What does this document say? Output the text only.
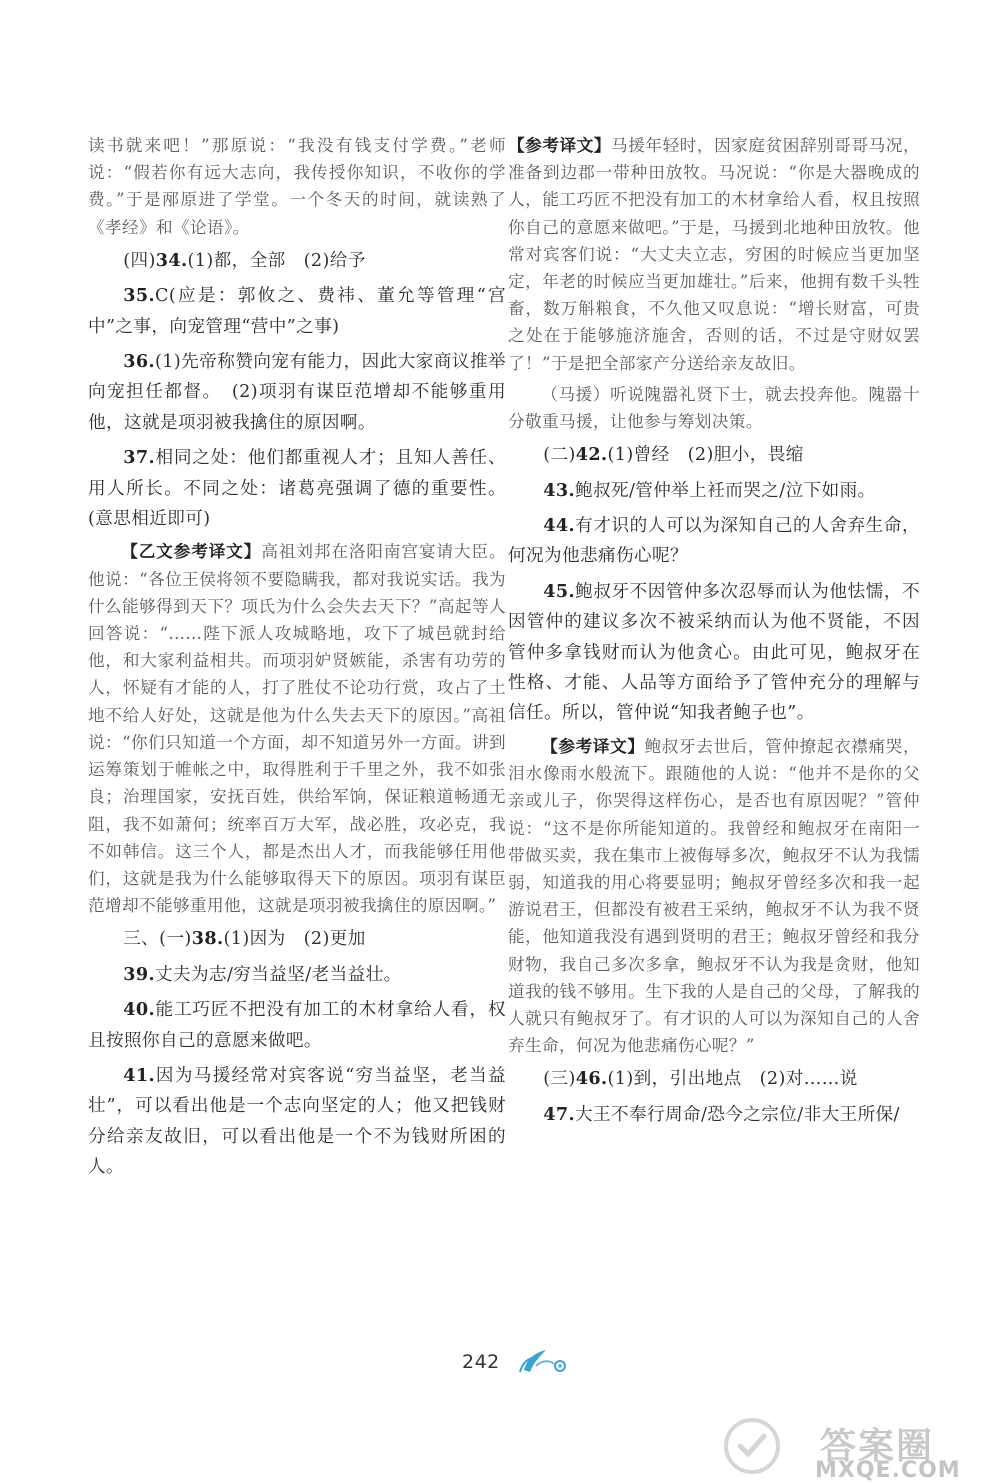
读书就来吧！”那原说：“我没有钱支付学费。”老师说：“假若你有远大志向，我传授你知识，不收你的学费。”于是邴原进了学堂。一个冬天的时间，就读熟了《孝经》和《论语》。

(四)34.(1)都，全部　(2)给予

35.C(应是：郭攸之、费祎、董允等管理“宫中”之事，向宠管理“营中”之事)

36.(1)先帝称赞向宠有能力，因此大家商议推举向宠担任都督。　(2)项羽有谋臣范增却不能够重用他，这就是项羽被我擒住的原因啊。

37.相同之处：他们都重视人才；且知人善任、用人所长。不同之处：诸葛亮强调了德的重要性。(意思相近即可)

【乙文参考译文】高祖刘邦在洛阳南宫宴请大臣。他说：“各位王侯将领不要隐瞒我，都对我说实话。我为什么能够得到天下？项氏为什么会失去天下？”高起等人回答说：“……陛下派人攻城略地，攻下了城邑就封给他，和大家利益相共。而项羽妒贤嫉能，杀害有功劳的人，怀疑有才能的人，打了胜仗不论功行赏，攻占了土地不给人好处，这就是他为什么失去天下的原因。”高祖说：“你们只知道一个方面，却不知道另外一方面。讲到运筹策划于帷帐之中，取得胜利于千里之外，我不如张良；治理国家，安抚百姓，供给军饷，保证粮道畅通无阻，我不如萧何；统率百万大军，战必胜，攻必克，我不如韩信。这三个人，都是杰出人才，而我能够任用他们，这就是我为什么能够取得天下的原因。项羽有谋臣范增却不能够重用他，这就是项羽被我擒住的原因啊。”

三、(一)38.(1)因为　(2)更加

39.丈夫为志/穷当益坚/老当益壮。

40.能工巧匠不把没有加工的木材拿给人看，权且按照你自己的意愿来做吧。

41.因为马援经常对宾客说“穷当益坚，老当益壮”，可以看出他是一个志向坚定的人；他又把钱财分给亲友故旧，可以看出他是一个不为钱财所困的人。

【参考译文】马援年轻时，因家庭贫困辞别哥哥马况，准备到边郡一带种田放牧。马况说：“你是大器晚成的人，能工巧匠不把没有加工的木材拿给人看，权且按照你自己的意愿来做吧。”于是，马援到北地种田放牧。他常对宾客们说：“大丈夫立志，穷困的时候应当更加坚定，年老的时候应当更加雄壮。”后来，他拥有数千头牲畜，数万斛粮食，不久他又叹息说：“增长财富，可贵之处在于能够施济施舍，否则的话，不过是守财奴罢了！”于是把全部家产分送给亲友故旧。

（马援）听说隗嚣礼贤下士，就去投奔他。隗嚣十分敬重马援，让他参与筹划决策。

(二)42.(1)曾经　(2)胆小，畏缩

43.鲍叔死/管仲举上衽而哭之/泣下如雨。

44.有才识的人可以为深知自己的人舍弃生命，何况为他悲痛伤心呢？

45.鲍叔牙不因管仲多次忍辱而认为他怯懦，不因管仲的建议多次不被采纳而认为他不贤能，不因管仲多拿钱财而认为他贪心。由此可见，鲍叔牙在性格、才能、人品等方面给予了管仲充分的理解与信任。所以，管仲说“知我者鲍子也”。

【参考译文】鲍叔牙去世后，管仲撩起衣襟痛哭，泪水像雨水般流下。跟随他的人说：“他并不是你的父亲或儿子，你哭得这样伤心，是否也有原因呢？”管仲说：“这不是你所能知道的。我曾经和鲍叔牙在南阳一带做买卖，我在集市上被侮辱多次，鲍叔牙不认为我懦弱，知道我的用心将要显明；鲍叔牙曾经多次和我一起游说君王，但都没有被君王采纳，鲍叔牙不认为我不贤能，他知道我没有遇到贤明的君王；鲍叔牙曾经和我分财物，我自己多次多拿，鲍叔牙不认为我是贪财，他知道我的钱不够用。生下我的人是自己的父母，了解我的人就只有鲍叔牙了。有才识的人可以为深知自己的人舍弃生命，何况为他悲痛伤心呢？”

(三)46.(1)到，引出地点　(2)对……说

47.大王不奉行周命/恐今之宗位/非大王所保/

242
答案圈
MXQE.COM
